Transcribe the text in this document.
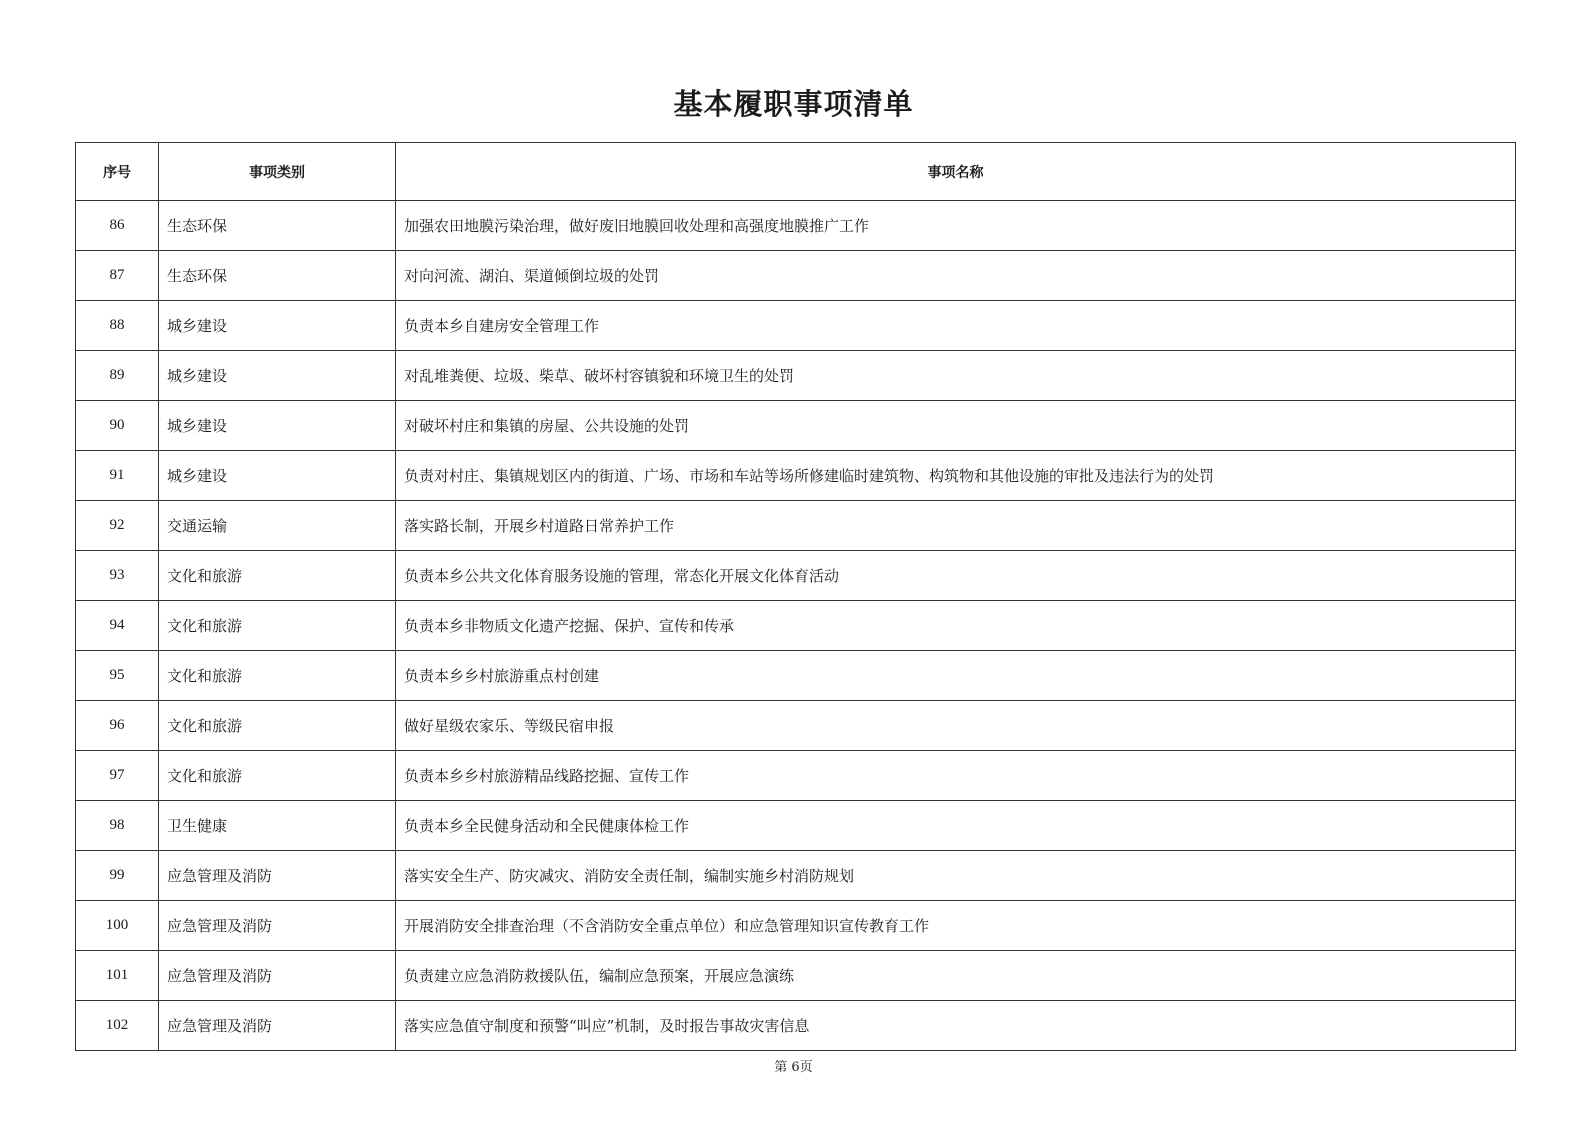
基本履职事项清单
序号	事项类别	事项名称
86	生态环保	加强农田地膜污染治理，做好废旧地膜回收处理和高强度地膜推广工作
87	生态环保	对向河流、湖泊、渠道倾倒垃圾的处罚
88	城乡建设	负责本乡自建房安全管理工作
89	城乡建设	对乱堆粪便、垃圾、柴草、破坏村容镇貌和环境卫生的处罚
90	城乡建设	对破坏村庄和集镇的房屋、公共设施的处罚
91	城乡建设	负责对村庄、集镇规划区内的街道、广场、市场和车站等场所修建临时建筑物、构筑物和其他设施的审批及违法行为的处罚
92	交通运输	落实路长制，开展乡村道路日常养护工作
93	文化和旅游	负责本乡公共文化体育服务设施的管理，常态化开展文化体育活动
94	文化和旅游	负责本乡非物质文化遗产挖掘、保护、宣传和传承
95	文化和旅游	负责本乡乡村旅游重点村创建
96	文化和旅游	做好星级农家乐、等级民宿申报
97	文化和旅游	负责本乡乡村旅游精品线路挖掘、宣传工作
98	卫生健康	负责本乡全民健身活动和全民健康体检工作
99	应急管理及消防	落实安全生产、防灾减灾、消防安全责任制，编制实施乡村消防规划
100	应急管理及消防	开展消防安全排查治理（不含消防安全重点单位）和应急管理知识宣传教育工作
101	应急管理及消防	负责建立应急消防救援队伍，编制应急预案，开展应急演练
102	应急管理及消防	落实应急值守制度和预警“叫应”机制，及时报告事故灾害信息
第 6页
